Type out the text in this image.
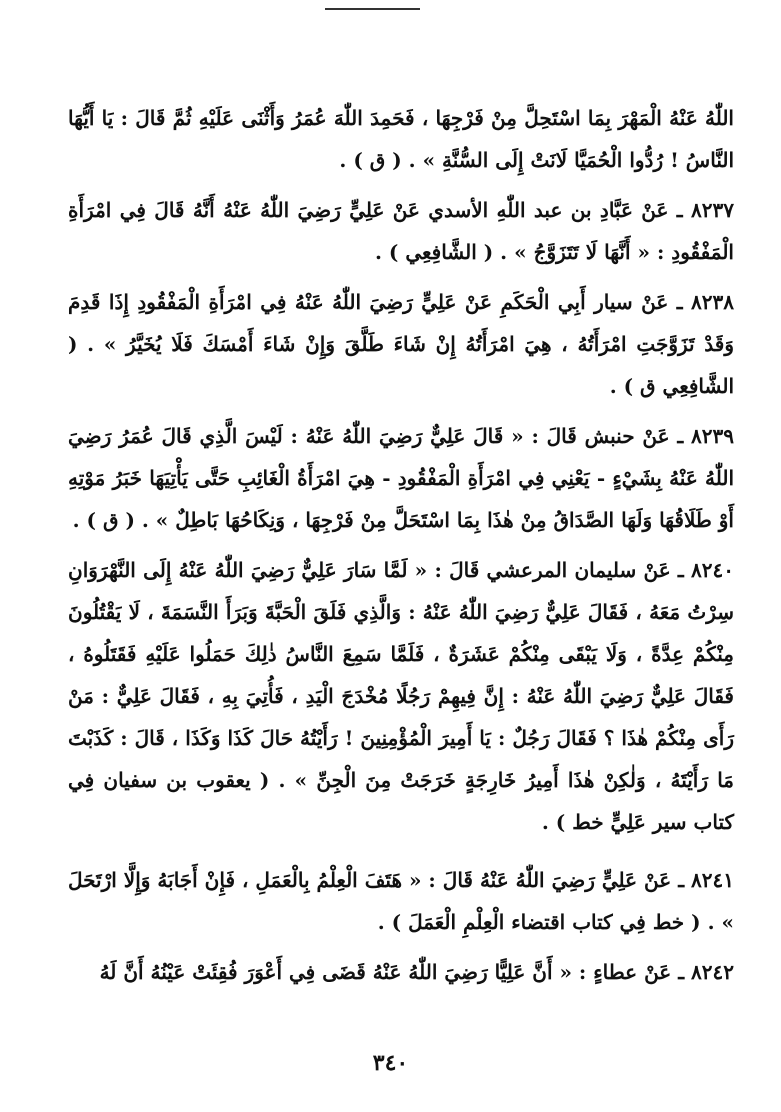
اللّٰهُ عَنْهُ الْمَهْرَ بِمَا اسْتَحِلَّ مِنْ فَرْجِهَا ، فَحَمِدَ اللّٰهَ عُمَرُ وَأَثْنَى عَلَيْهِ ثُمَّ قَالَ : يَا أَيُّهَا النَّاسُ ! رُدُّوا الْحُمَيَّا لَانَتْ إِلَى السُّنَّةِ » . ( ق ) .

٨٢٣٧ ـ عَنْ عَبَّادِ بن عبد اللّٰهِ الأسدي عَنْ عَلِيٍّ رَضِيَ اللّٰهُ عَنْهُ أَنَّهُ قَالَ فِي امْرَأَةِ الْمَفْقُودِ : « أَنَّهَا لَا تَتَزَوَّجُ » . ( الشَّافِعِي ) .

٨٢٣٨ ـ عَنْ سيار أَبِي الْحَكَمِ عَنْ عَلِيٍّ رَضِيَ اللّٰهُ عَنْهُ فِي امْرَأَةِ الْمَفْقُودِ إِذَا قَدِمَ وَقَدْ تَزَوَّجَتِ امْرَأَتُهُ ، هِيَ امْرَأَتُهُ إِنْ شَاءَ طَلَّقَ وَإِنْ شَاءَ أَمْسَكَ فَلَا يُخَيَّرُ » . ( الشَّافِعِي ق ) .

٨٢٣٩ ـ عَنْ حنبش قَالَ : « قَالَ عَلِيٌّ رَضِيَ اللّٰهُ عَنْهُ : لَيْسَ الَّذِي قَالَ عُمَرُ رَضِيَ اللّٰهُ عَنْهُ بِشَيْءٍ - يَعْنِي فِي امْرَأَةِ الْمَفْقُودِ - هِيَ امْرَأَةُ الْغَائِبِ حَتَّى يَأْتِيَهَا خَبَرُ مَوْتِهِ أَوْ طَلَاقُهَا وَلَهَا الصَّدَاقُ مِنْ هٰذَا بِمَا اسْتَحَلَّ مِنْ فَرْجِهَا ، وَنِكَاحُهَا بَاطِلٌ » . ( ق ) .

٨٢٤٠ ـ عَنْ سليمان المرعشي قَالَ : « لَمَّا سَارَ عَلِيٌّ رَضِيَ اللّٰهُ عَنْهُ إِلَى النَّهْرَوَانِ سِرْتُ مَعَهُ ، فَقَالَ عَلِيٌّ رَضِيَ اللّٰهُ عَنْهُ : وَالَّذِي فَلَقَ الْحَبَّةَ وَبَرَأَ النَّسَمَةَ ، لَا يَقْتُلُونَ مِنْكُمْ عِدَّةً ، وَلَا يَبْقَى مِنْكُمْ عَشَرَةٌ ، فَلَمَّا سَمِعَ النَّاسُ ذٰلِكَ حَمَلُوا عَلَيْهِ فَقَتَلُوهُ ، فَقَالَ عَلِيٌّ رَضِيَ اللّٰهُ عَنْهُ : إِنَّ فِيهِمْ رَجُلًا مُخْدَجَ الْيَدِ ، فَأُتِيَ بِهِ ، فَقَالَ عَلِيٌّ : مَنْ رَأَى مِنْكُمْ هٰذَا ؟ فَقَالَ رَجُلٌ : يَا أَمِيرَ الْمُؤْمِنِينَ ! رَأَيْتُهُ حَالَ كَذَا وَكَذَا ، قَالَ : كَذَبْتَ مَا رَأَيْتَهُ ، وَلٰكِنْ هٰذَا أَمِيرُ خَارِجَةٍ خَرَجَتْ مِنَ الْجِنِّ » . ( يعقوب بن سفيان فِي كتاب سير عَلِيٍّ خط ) .

٨٢٤١ ـ عَنْ عَلِيٍّ رَضِيَ اللّٰهُ عَنْهُ قَالَ : « هَتَفَ الْعِلْمُ بِالْعَمَلِ ، فَإِنْ أَجَابَهُ وَإِلَّا ارْتَحَلَ » . ( خط فِي كتاب اقتضاء الْعِلْمِ الْعَمَلَ ) .

٨٢٤٢ ـ عَنْ عطاءٍ : « أَنَّ عَلِيًّا رَضِيَ اللّٰهُ عَنْهُ قَضَى فِي أَعْوَرَ فُقِئَتْ عَيْنُهُ أَنَّ لَهُ

٣٤٠
